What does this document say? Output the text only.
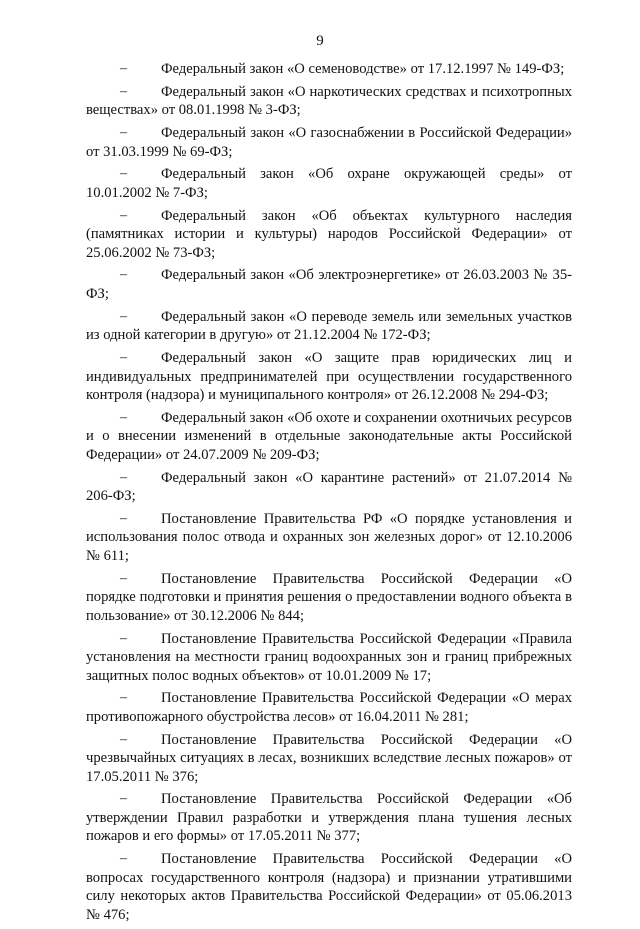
9
– Федеральный закон «О семеноводстве» от 17.12.1997 № 149-ФЗ;
– Федеральный закон «О наркотических средствах и психотропных веществах» от 08.01.1998 № 3-ФЗ;
– Федеральный закон «О газоснабжении в Российской Федерации» от 31.03.1999 № 69-ФЗ;
– Федеральный закон «Об охране окружающей среды» от 10.01.2002 № 7-ФЗ;
– Федеральный закон «Об объектах культурного наследия (памятниках истории и культуры) народов Российской Федерации» от 25.06.2002 № 73-ФЗ;
– Федеральный закон «Об электроэнергетике» от 26.03.2003 № 35-ФЗ;
– Федеральный закон «О переводе земель или земельных участков из одной категории в другую» от 21.12.2004 № 172-ФЗ;
– Федеральный закон «О защите прав юридических лиц и индивидуальных предпринимателей при осуществлении государственного контроля (надзора) и муниципального контроля» от 26.12.2008 № 294-ФЗ;
– Федеральный закон «Об охоте и сохранении охотничьих ресурсов и о внесении изменений в отдельные законодательные акты Российской Федерации» от 24.07.2009 № 209-ФЗ;
– Федеральный закон «О карантине растений» от 21.07.2014 № 206-ФЗ;
– Постановление Правительства РФ «О порядке установления и использования полос отвода и охранных зон железных дорог» от 12.10.2006 № 611;
– Постановление Правительства Российской Федерации «О порядке подготовки и принятия решения о предоставлении водного объекта в пользование» от 30.12.2006 № 844;
– Постановление Правительства Российской Федерации «Правила установления на местности границ водоохранных зон и границ прибрежных защитных полос водных объектов» от 10.01.2009 № 17;
– Постановление Правительства Российской Федерации «О мерах противопожарного обустройства лесов» от 16.04.2011 № 281;
– Постановление Правительства Российской Федерации «О чрезвычайных ситуациях в лесах, возникших вследствие лесных пожаров» от 17.05.2011 № 376;
– Постановление Правительства Российской Федерации «Об утверждении Правил разработки и утверждения плана тушения лесных пожаров и его формы» от 17.05.2011 № 377;
– Постановление Правительства Российской Федерации «О вопросах государственного контроля (надзора) и признании утратившими силу некоторых актов Правительства Российской Федерации» от 05.06.2013 № 476;
